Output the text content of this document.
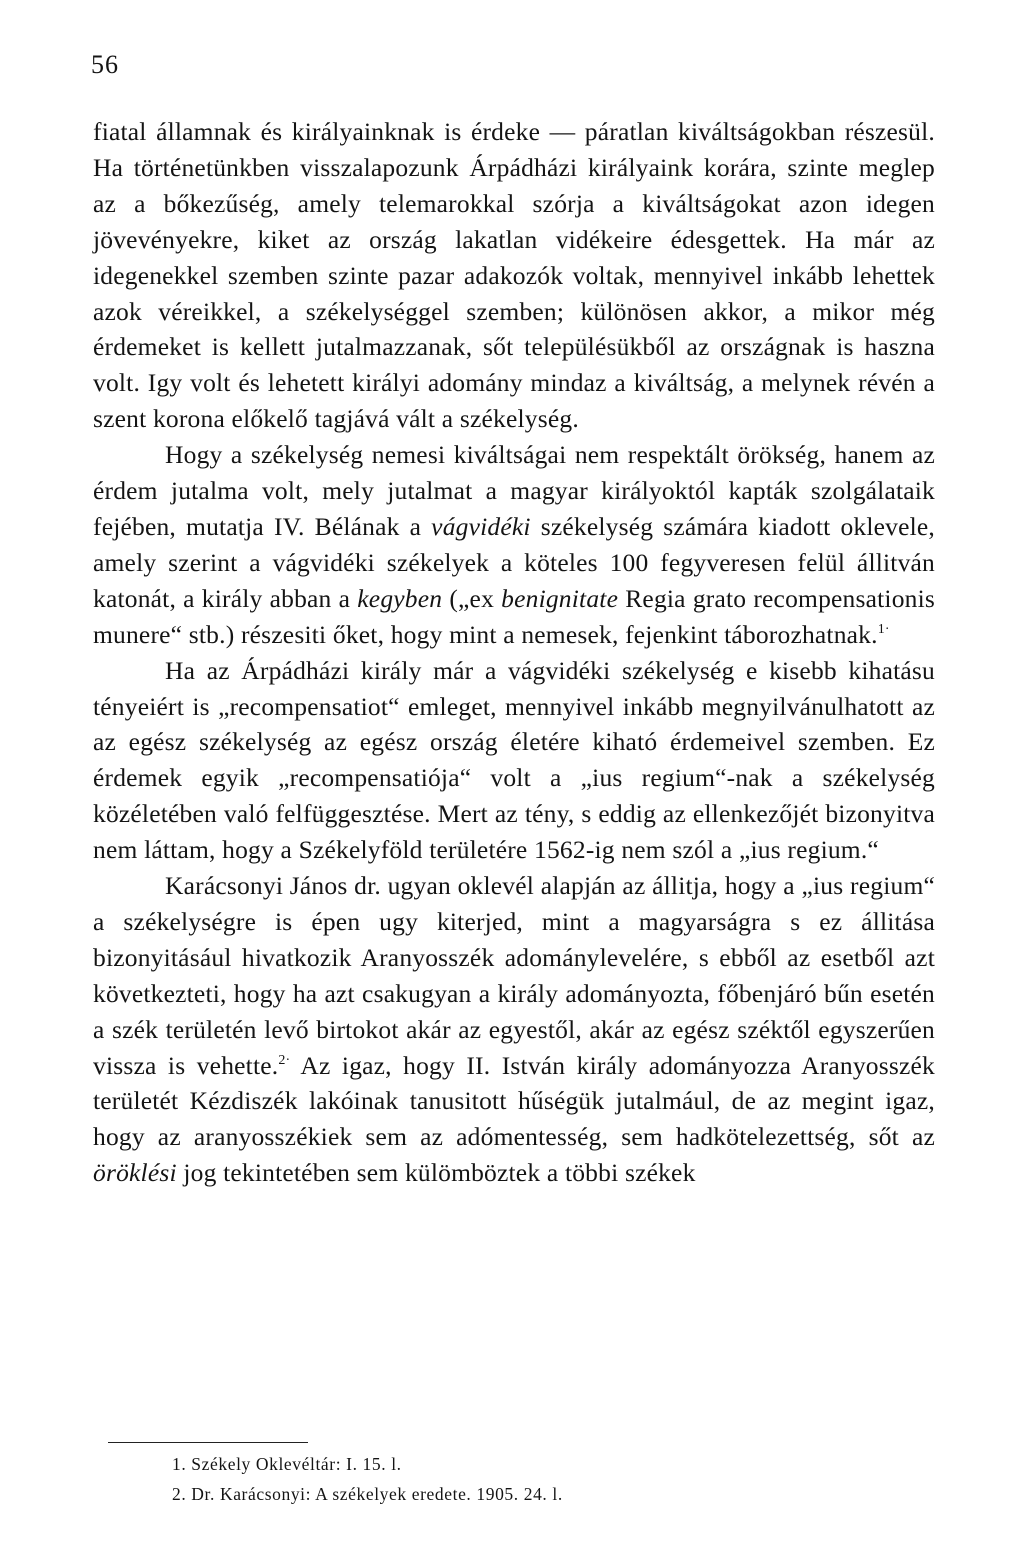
56

fiatal államnak és királyainknak is érdeke — páratlan kiváltságokban részesül. Ha történetünkben visszalapozunk Árpádházi királyaink korára, szinte meglep az a bőkezűség, amely telemarokkal szórja a kiváltságokat azon idegen jövevényekre, kiket az ország lakatlan vidékeire édesgettek. Ha már az idegenekkel szemben szinte pazar adakozók voltak, mennyivel inkább lehettek azok véreikkel, a székelységgel szemben; különösen akkor, a mikor még érdemeket is kellett jutalmazzanak, sőt településükből az országnak is haszna volt. Igy volt és lehetett királyi adomány mindaz a kiváltság, a melynek révén a szent korona előkelő tagjává vált a székelység.

Hogy a székelység nemesi kiváltságai nem respektált örökség, hanem az érdem jutalma volt, mely jutalmat a magyar királyoktól kapták szolgálataik fejében, mutatja IV. Bélának a vágvidéki székelység számára kiadott oklevele, amely szerint a vágvidéki székelyek a köteles 100 fegyveresen felül állitván katonát, a király abban a kegyben („ex benignitate Regia grato recompensationis munere“ stb.) részesiti őket, hogy mint a nemesek, fejenkint táborozhatnak.$^{1\cdot}$

Ha az Árpádházi király már a vágvidéki székelység e kisebb kihatásu tényeiért is „recompensatiot“ emleget, mennyivel inkább megnyilvánulhatott az az egész székelység az egész ország életére kiható érdemeivel szemben. Ez érdemek egyik „recompensatiója“ volt a „ius regium“-nak a székelység közéletében való felfüggesztése. Mert az tény, s eddig az ellenkezőjét bizonyitva nem láttam, hogy a Székelyföld területére 1562-ig nem szól a „ius regium.“

Karácsonyi János dr. ugyan oklevél alapján az állitja, hogy a „ius regium“ a székelységre is épen ugy kiterjed, mint a magyarságra s ez állitása bizonyitásául hivatkozik Aranyosszék adománylevelére, s ebből az esetből azt következteti, hogy ha azt csakugyan a király adományozta, főbenjáró bűn esetén a szék területén levő birtokot akár az egyestől, akár az egész széktől egyszerűen vissza is vehette.$^{2\cdot}$ Az igaz, hogy II. István király adományozza Aranyosszék területét Kézdiszék lakóinak tanusitott hűségük jutalmául, de az megint igaz, hogy az aranyosszékiek sem az adómentesség, sem hadkötelezettség, sőt az öröklési jog tekintetében sem külömböztek a többi székek

1. Székely Oklevéltár: I. 15. l.

2. Dr. Karácsonyi: A székelyek eredete. 1905. 24. l.
